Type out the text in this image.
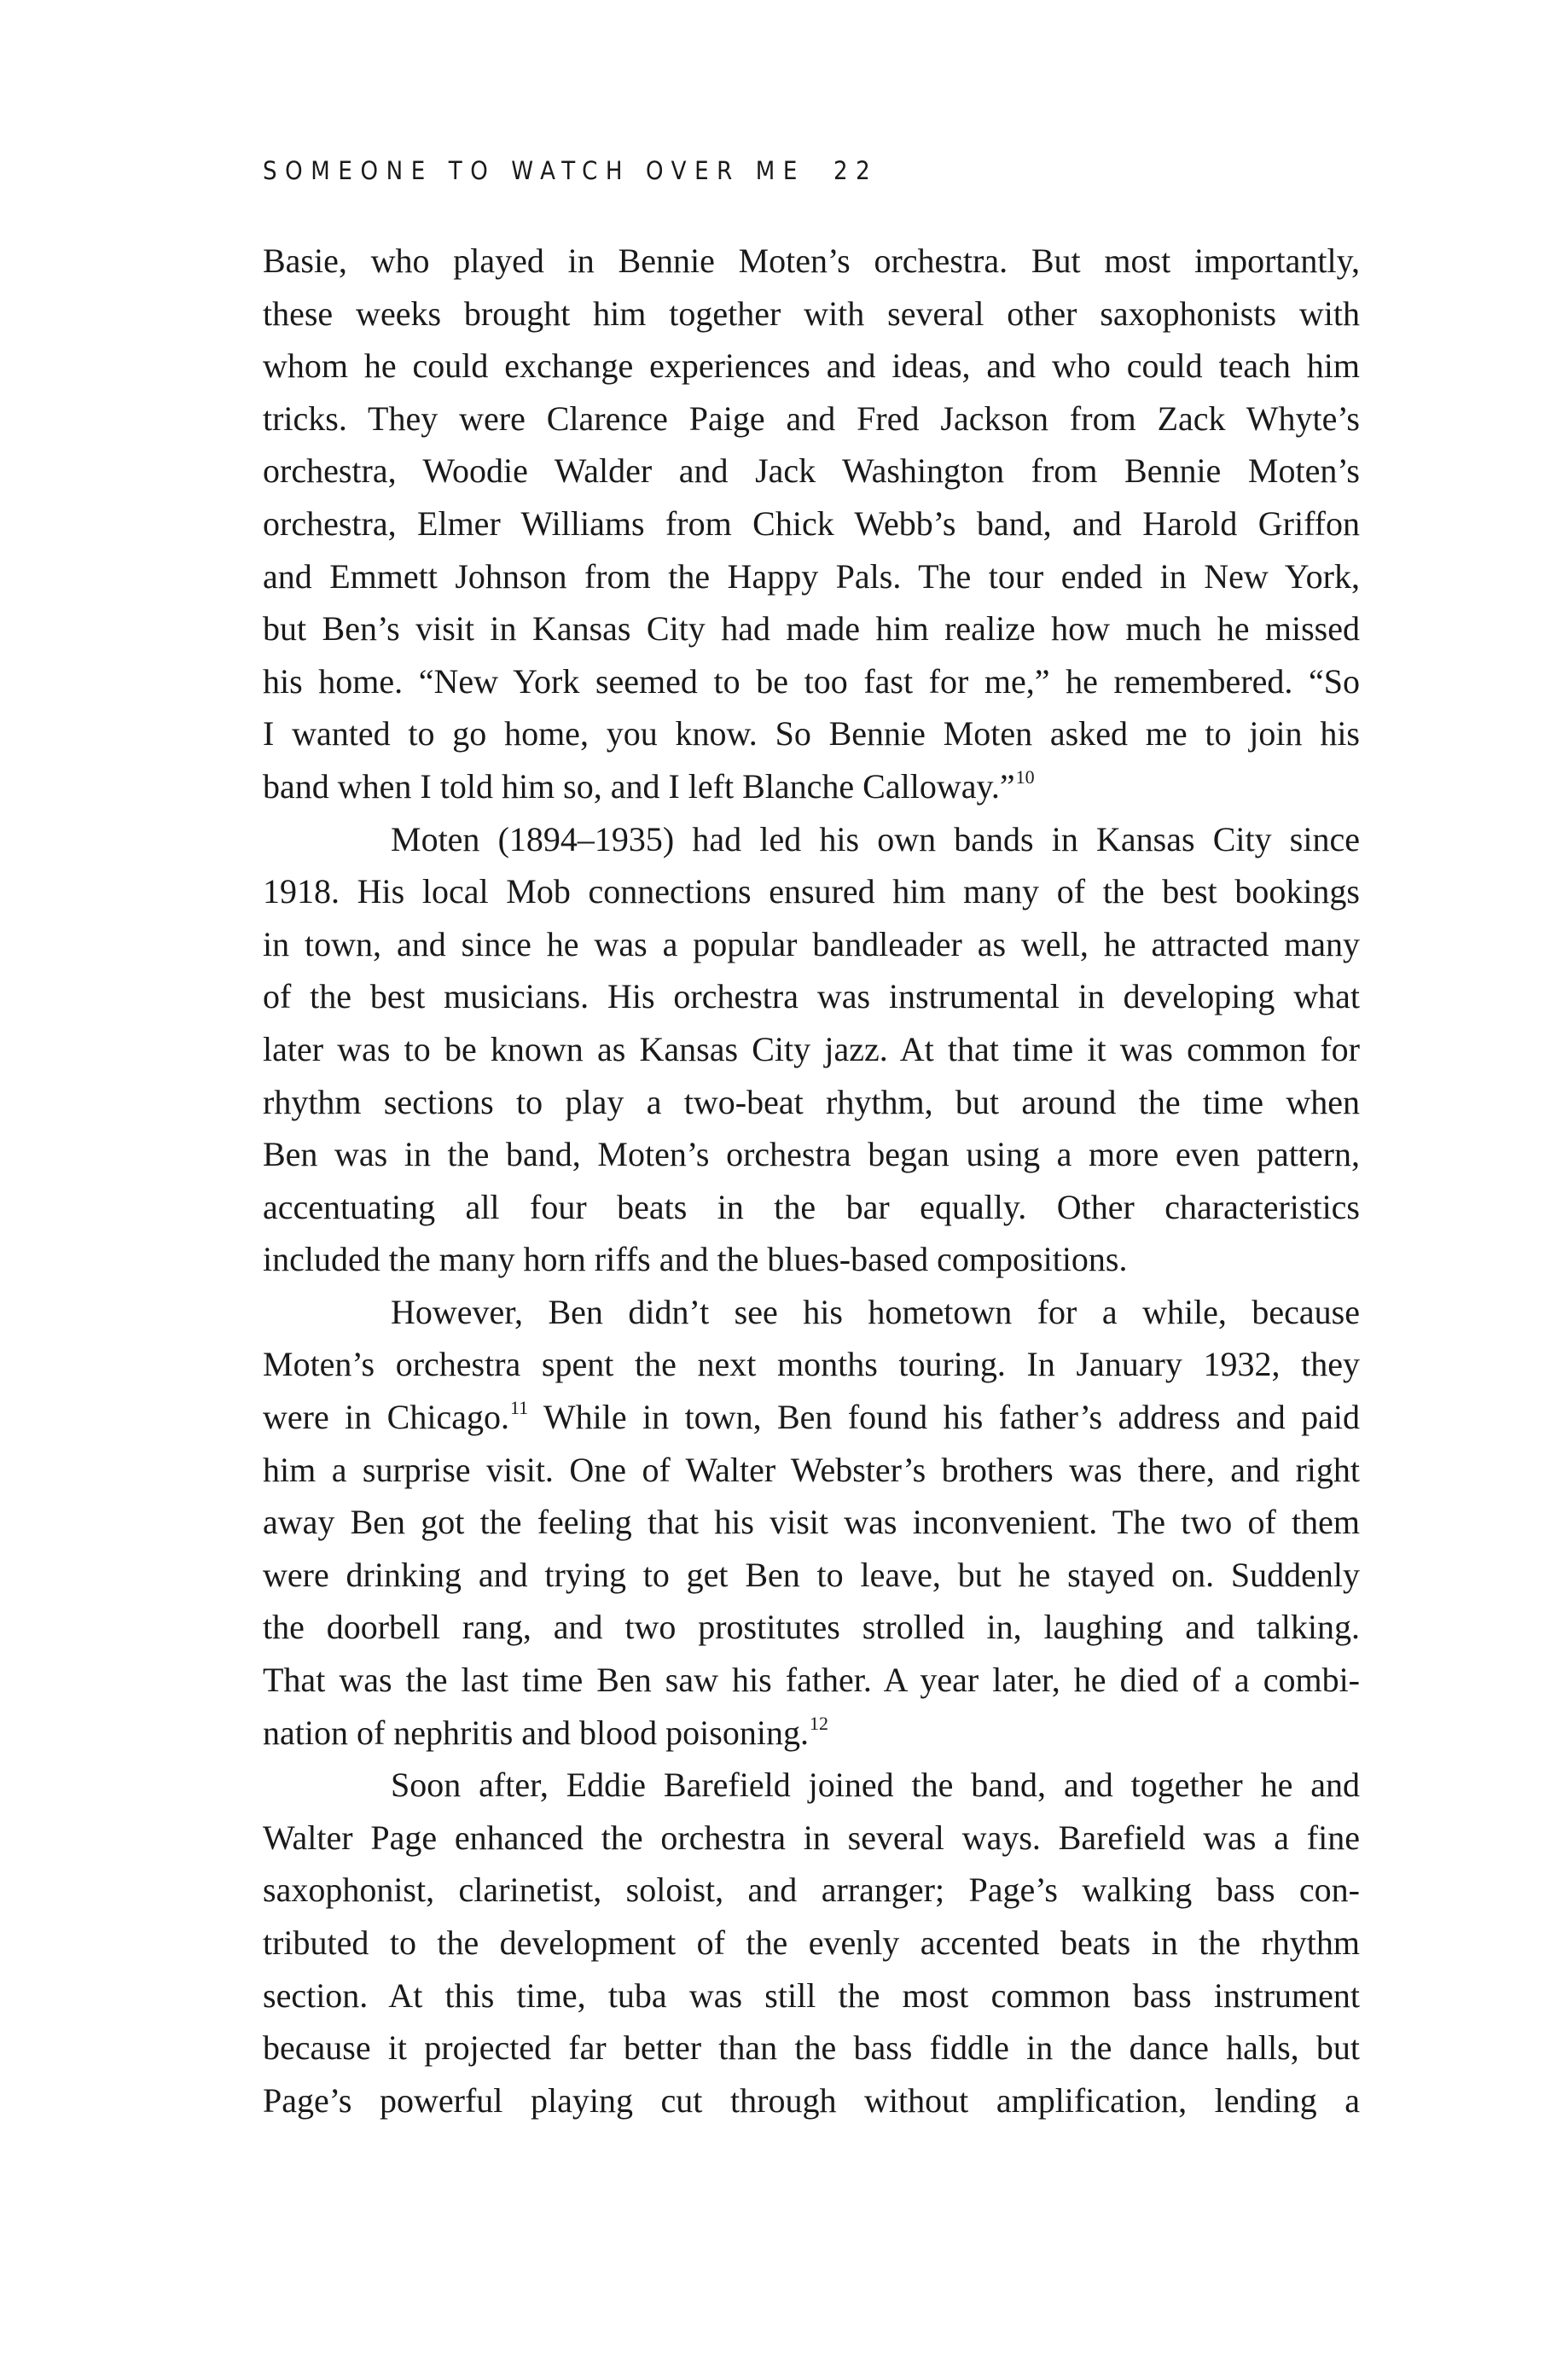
SOMEONE TO WATCH OVER ME 22
Basie, who played in Bennie Moten’s orchestra. But most importantly,
these weeks brought him together with several other saxophonists with
whom he could exchange experiences and ideas, and who could teach him
tricks. They were Clarence Paige and Fred Jackson from Zack Whyte’s
orchestra, Woodie Walder and Jack Washington from Bennie Moten’s
orchestra, Elmer Williams from Chick Webb’s band, and Harold Griffon
and Emmett Johnson from the Happy Pals. The tour ended in New York,
but Ben’s visit in Kansas City had made him realize how much he missed
his home. “New York seemed to be too fast for me,” he remembered. “So
I wanted to go home, you know. So Bennie Moten asked me to join his
band when I told him so, and I left Blanche Calloway.”$^{10}$
Moten (1894–1935) had led his own bands in Kansas City since
1918. His local Mob connections ensured him many of the best bookings
in town, and since he was a popular bandleader as well, he attracted many
of the best musicians. His orchestra was instrumental in developing what
later was to be known as Kansas City jazz. At that time it was common for
rhythm sections to play a two-beat rhythm, but around the time when
Ben was in the band, Moten’s orchestra began using a more even pattern,
accentuating all four beats in the bar equally. Other characteristics
included the many horn riffs and the blues-based compositions.
However, Ben didn’t see his hometown for a while, because
Moten’s orchestra spent the next months touring. In January 1932, they
were in Chicago.$^{11}$ While in town, Ben found his father’s address and paid
him a surprise visit. One of Walter Webster’s brothers was there, and right
away Ben got the feeling that his visit was inconvenient. The two of them
were drinking and trying to get Ben to leave, but he stayed on. Suddenly
the doorbell rang, and two prostitutes strolled in, laughing and talking.
That was the last time Ben saw his father. A year later, he died of a combi-
nation of nephritis and blood poisoning.$^{12}$
Soon after, Eddie Barefield joined the band, and together he and
Walter Page enhanced the orchestra in several ways. Barefield was a fine
saxophonist, clarinetist, soloist, and arranger; Page’s walking bass con-
tributed to the development of the evenly accented beats in the rhythm
section. At this time, tuba was still the most common bass instrument
because it projected far better than the bass fiddle in the dance halls, but
Page’s powerful playing cut through without amplification, lending a
